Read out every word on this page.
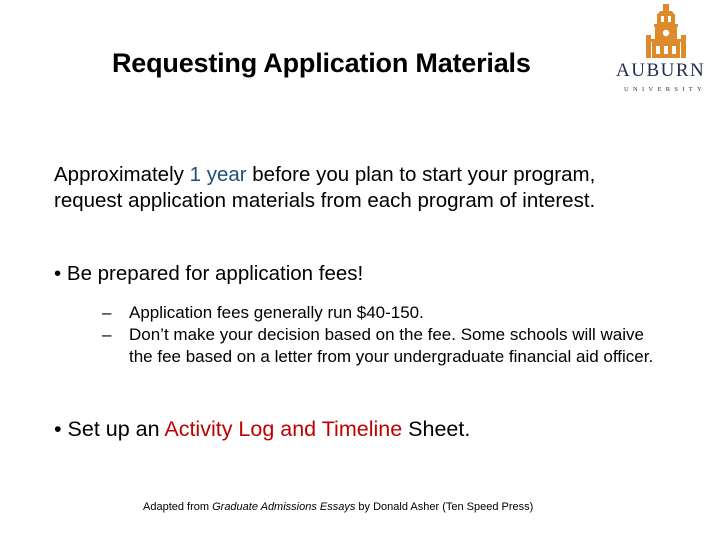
Requesting Application Materials	AUBURN
UNIVERSITY
Approximately 1 year before you plan to start your program, request application materials from each program of interest.
• Be prepared for application fees!
– Application fees generally run $40-150.
– Don’t make your decision based on the fee. Some schools will waive the fee based on a letter from your undergraduate financial aid officer.
• Set up an Activity Log and Timeline Sheet.
Adapted from Graduate Admissions Essays by Donald Asher (Ten Speed Press)
